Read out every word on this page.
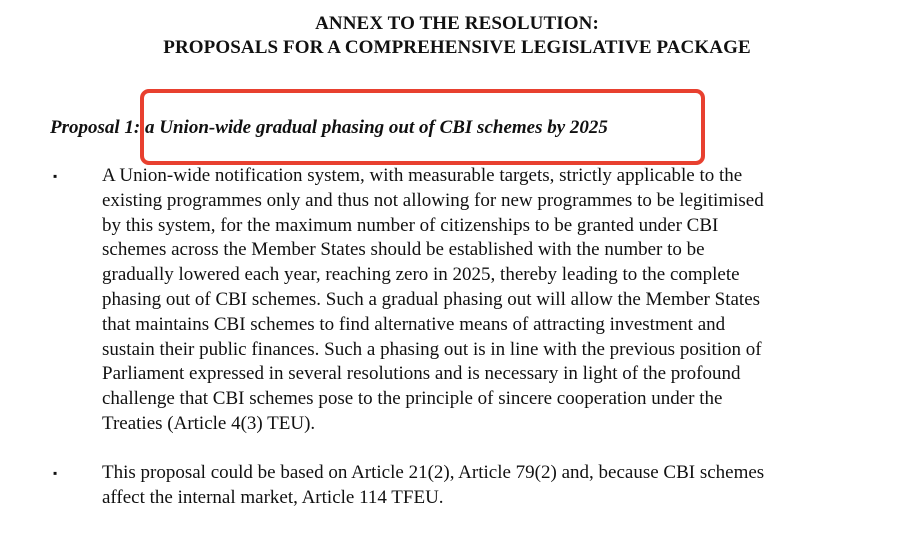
ANNEX TO THE RESOLUTION:
PROPOSALS FOR A COMPREHENSIVE LEGISLATIVE PACKAGE
Proposal 1: a Union-wide gradual phasing out of CBI schemes by 2025
▪ A Union-wide notification system, with measurable targets, strictly applicable to the
existing programmes only and thus not allowing for new programmes to be legitimised
by this system, for the maximum number of citizenships to be granted under CBI
schemes across the Member States should be established with the number to be
gradually lowered each year, reaching zero in 2025, thereby leading to the complete
phasing out of CBI schemes. Such a gradual phasing out will allow the Member States
that maintains CBI schemes to find alternative means of attracting investment and
sustain their public finances. Such a phasing out is in line with the previous position of
Parliament expressed in several resolutions and is necessary in light of the profound
challenge that CBI schemes pose to the principle of sincere cooperation under the
Treaties (Article 4(3) TEU).
▪ This proposal could be based on Article 21(2), Article 79(2) and, because CBI schemes
affect the internal market, Article 114 TFEU.
